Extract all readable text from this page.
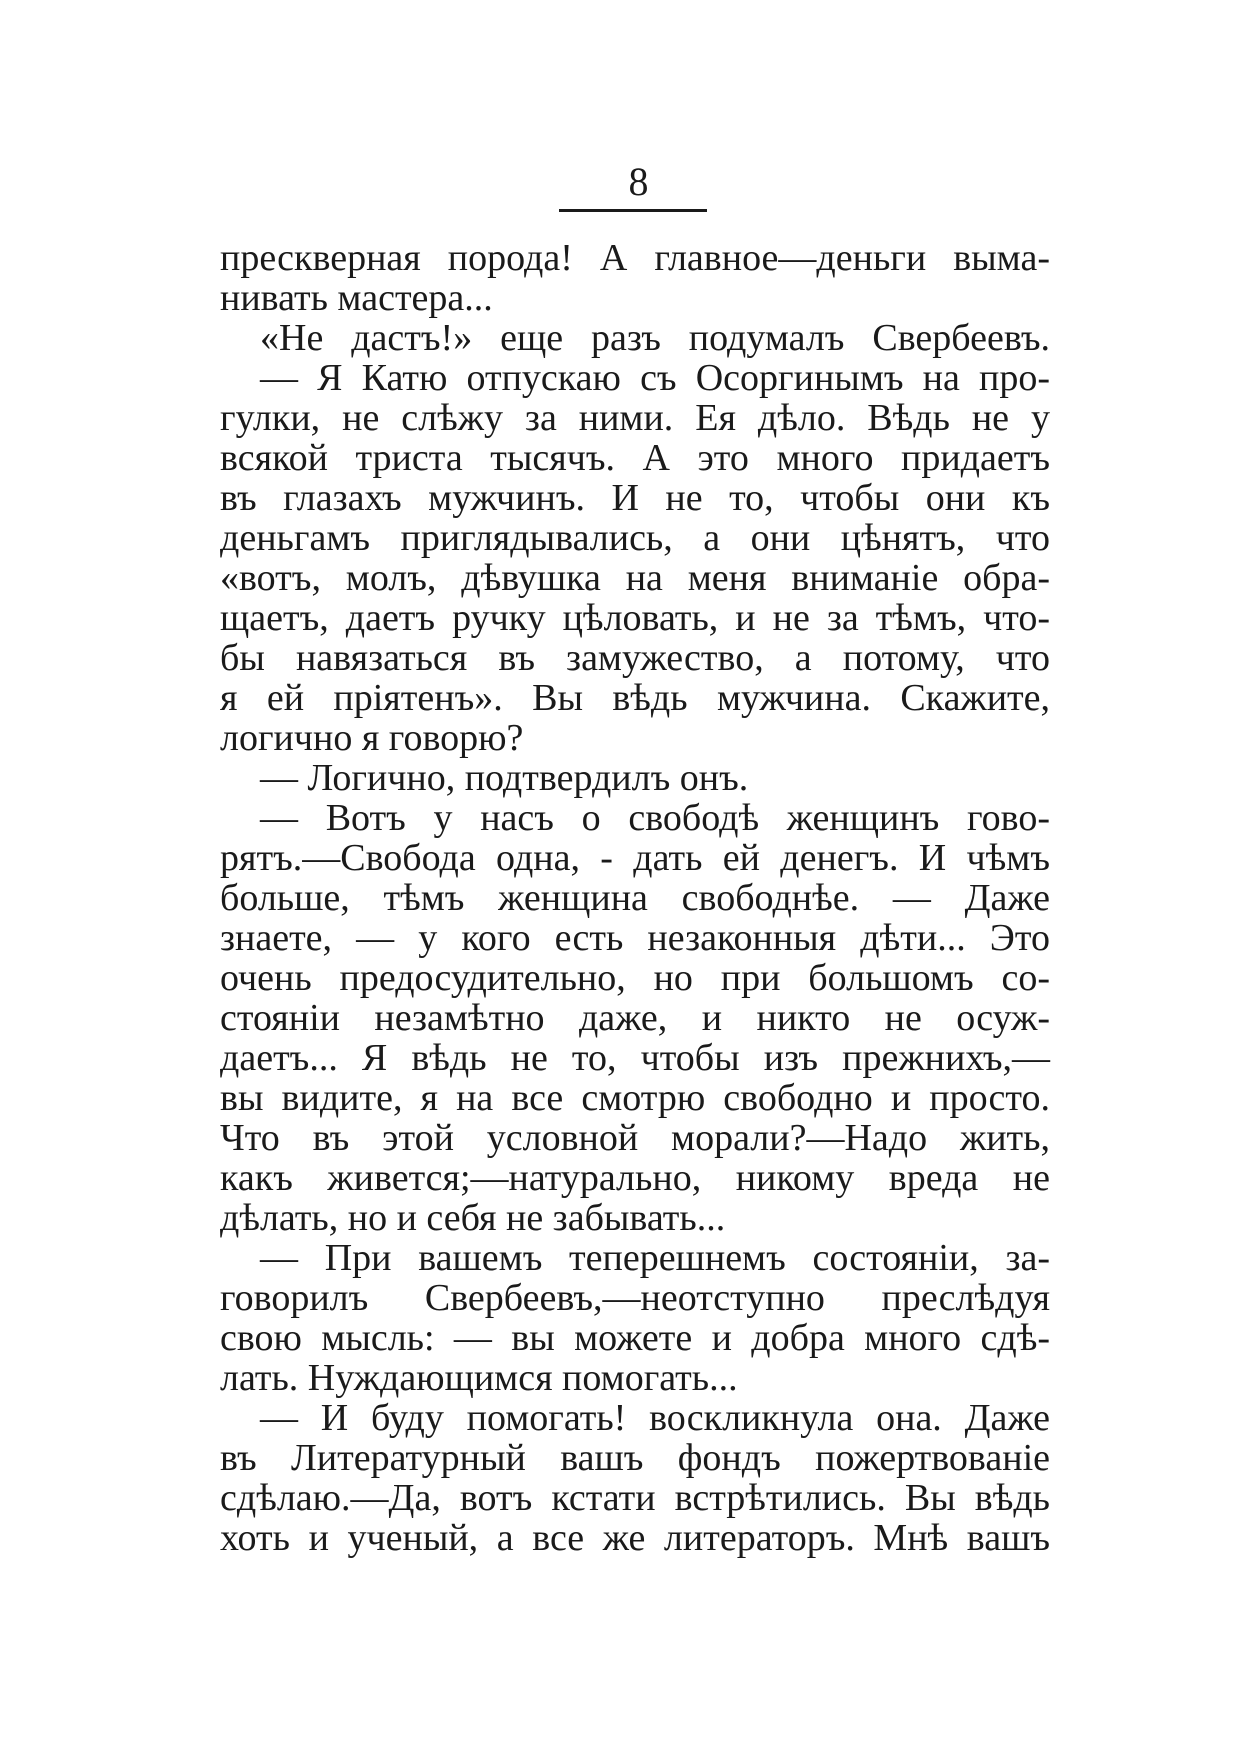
8
прескверная порода! А главное—деньги выма-
нивать мастера...
«Не дастъ!» еще разъ подумалъ Свербеевъ.
— Я Катю отпускаю съ Осоргинымъ на про-
гулки, не слѣжу за ними. Ея дѣло. Вѣдь не у
всякой триста тысячъ. А это много придаетъ
въ глазахъ мужчинъ. И не то, чтобы они къ
деньгамъ приглядывались, а они цѣнятъ, что
«вотъ, молъ, дѣвушка на меня вниманіе обра-
щаетъ, даетъ ручку цѣловать, и не за тѣмъ, что-
бы навязаться въ замужество, а потому, что
я ей пріятенъ». Вы вѣдь мужчина. Скажите,
логично я говорю?
— Логично, подтвердилъ онъ.
— Вотъ у насъ о свободѣ женщинъ гово-
рятъ.—Свобода одна, - дать ей денегъ. И чѣмъ
больше, тѣмъ женщина свободнѣе. — Даже
знаете, — у кого есть незаконныя дѣти... Это
очень предосудительно, но при большомъ со-
стояніи незамѣтно даже, и никто не осуж-
даетъ... Я вѣдь не то, чтобы изъ прежнихъ,—
вы видите, я на все смотрю свободно и просто.
Что въ этой условной морали?—Надо жить,
какъ живется;—натурально, никому вреда не
дѣлать, но и себя не забывать...
— При вашемъ теперешнемъ состояніи, за-
говорилъ Свербеевъ,—неотступно преслѣдуя
свою мысль: — вы можете и добра много сдѣ-
лать. Нуждающимся помогать...
— И буду помогать! воскликнула она. Даже
въ Литературный вашъ фондъ пожертвованіе
сдѣлаю.—Да, вотъ кстати встрѣтились. Вы вѣдь
хоть и ученый, а все же литераторъ. Мнѣ вашъ
